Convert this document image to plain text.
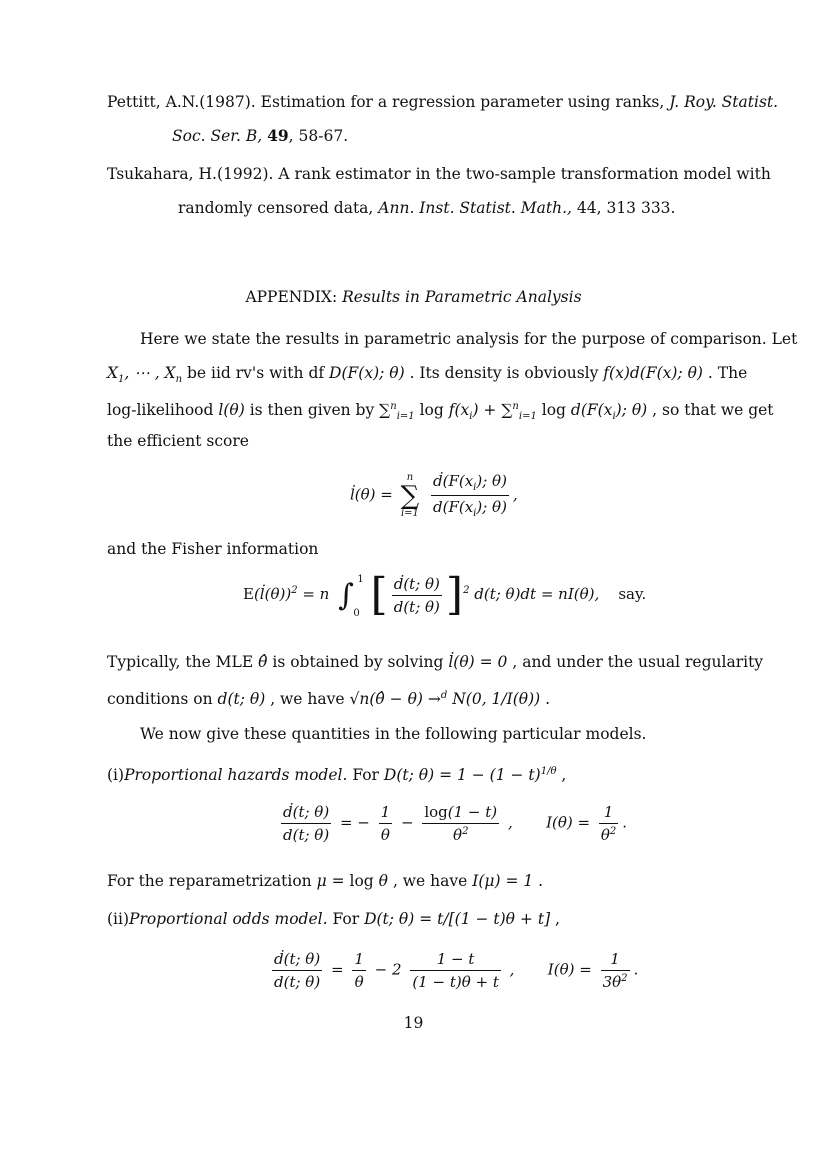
Pettitt, A.N.(1987). Estimation for a regression parameter using ranks, J. Roy. Statist.
Soc. Ser. B, 49, 58-67.
Tsukahara, H.(1992). A rank estimator in the two-sample transformation model with
randomly censored data, Ann. Inst. Statist. Math., 44, 313 333.
APPENDIX: Results in Parametric Analysis
Here we state the results in parametric analysis for the purpose of comparison. Let
$X_1$, ⋯ , $X_n$ be iid rv's with df D(F(x); θ) . Its density is obviously f(x)d(F(x); θ) . The
log-likelihood l(θ) is then given by ∑$^n_{i=1}$ $\log f(x_i) + \sum^n_{i=1}$ $\log d(F(x_i)$; θ) , so that we get
the efficient score
l̇(θ) =
n
∑
i=1
$\frac{ḋ(F(x_i); \theta)}{d(F(x_i); \theta)}$ ,
and the Fisher information
E(l̇(θ))$^2$ = n ∫ 1
0 [ $\frac{\text{ḋ(t; θ)}}{d(t; \theta)} ]^2$ d(t; θ)dt = nI(θ),    say.
Typically, the MLE θ̂ is obtained by solving l̇(θ) = 0 , and under the usual regularity
conditions on d(t; θ) , we have √n(θ̂ − θ) →$^d$ N(0, 1/I(θ)) .
We now give these quantities in the following particular models.
(i)Proportional hazards model. For D(t; $\theta) = 1 - (1 - t)^{1/\theta}$ ,
$\frac{\text{ḋ(t; θ)}}{d(t; \theta)}$ = − $\frac{1}{\theta} - \frac{\log(1 - t)}{\theta^2}$ ,       $I(\theta) = \frac{1}{\theta^2}$ .
For the reparametrization μ = log θ , we have I(μ) = 1 .
(ii)Proportional odds model. For D(t; θ) = t/[(1 − t)θ + t] ,
$\frac{\text{ḋ(t; θ)}}{d(t; \theta)} = \frac{1}{\theta} - 2 \frac{1 - t}{(1 - t)\theta + t}$ ,       $I(\theta) = \frac{1}{3\theta^2}$ .
19
